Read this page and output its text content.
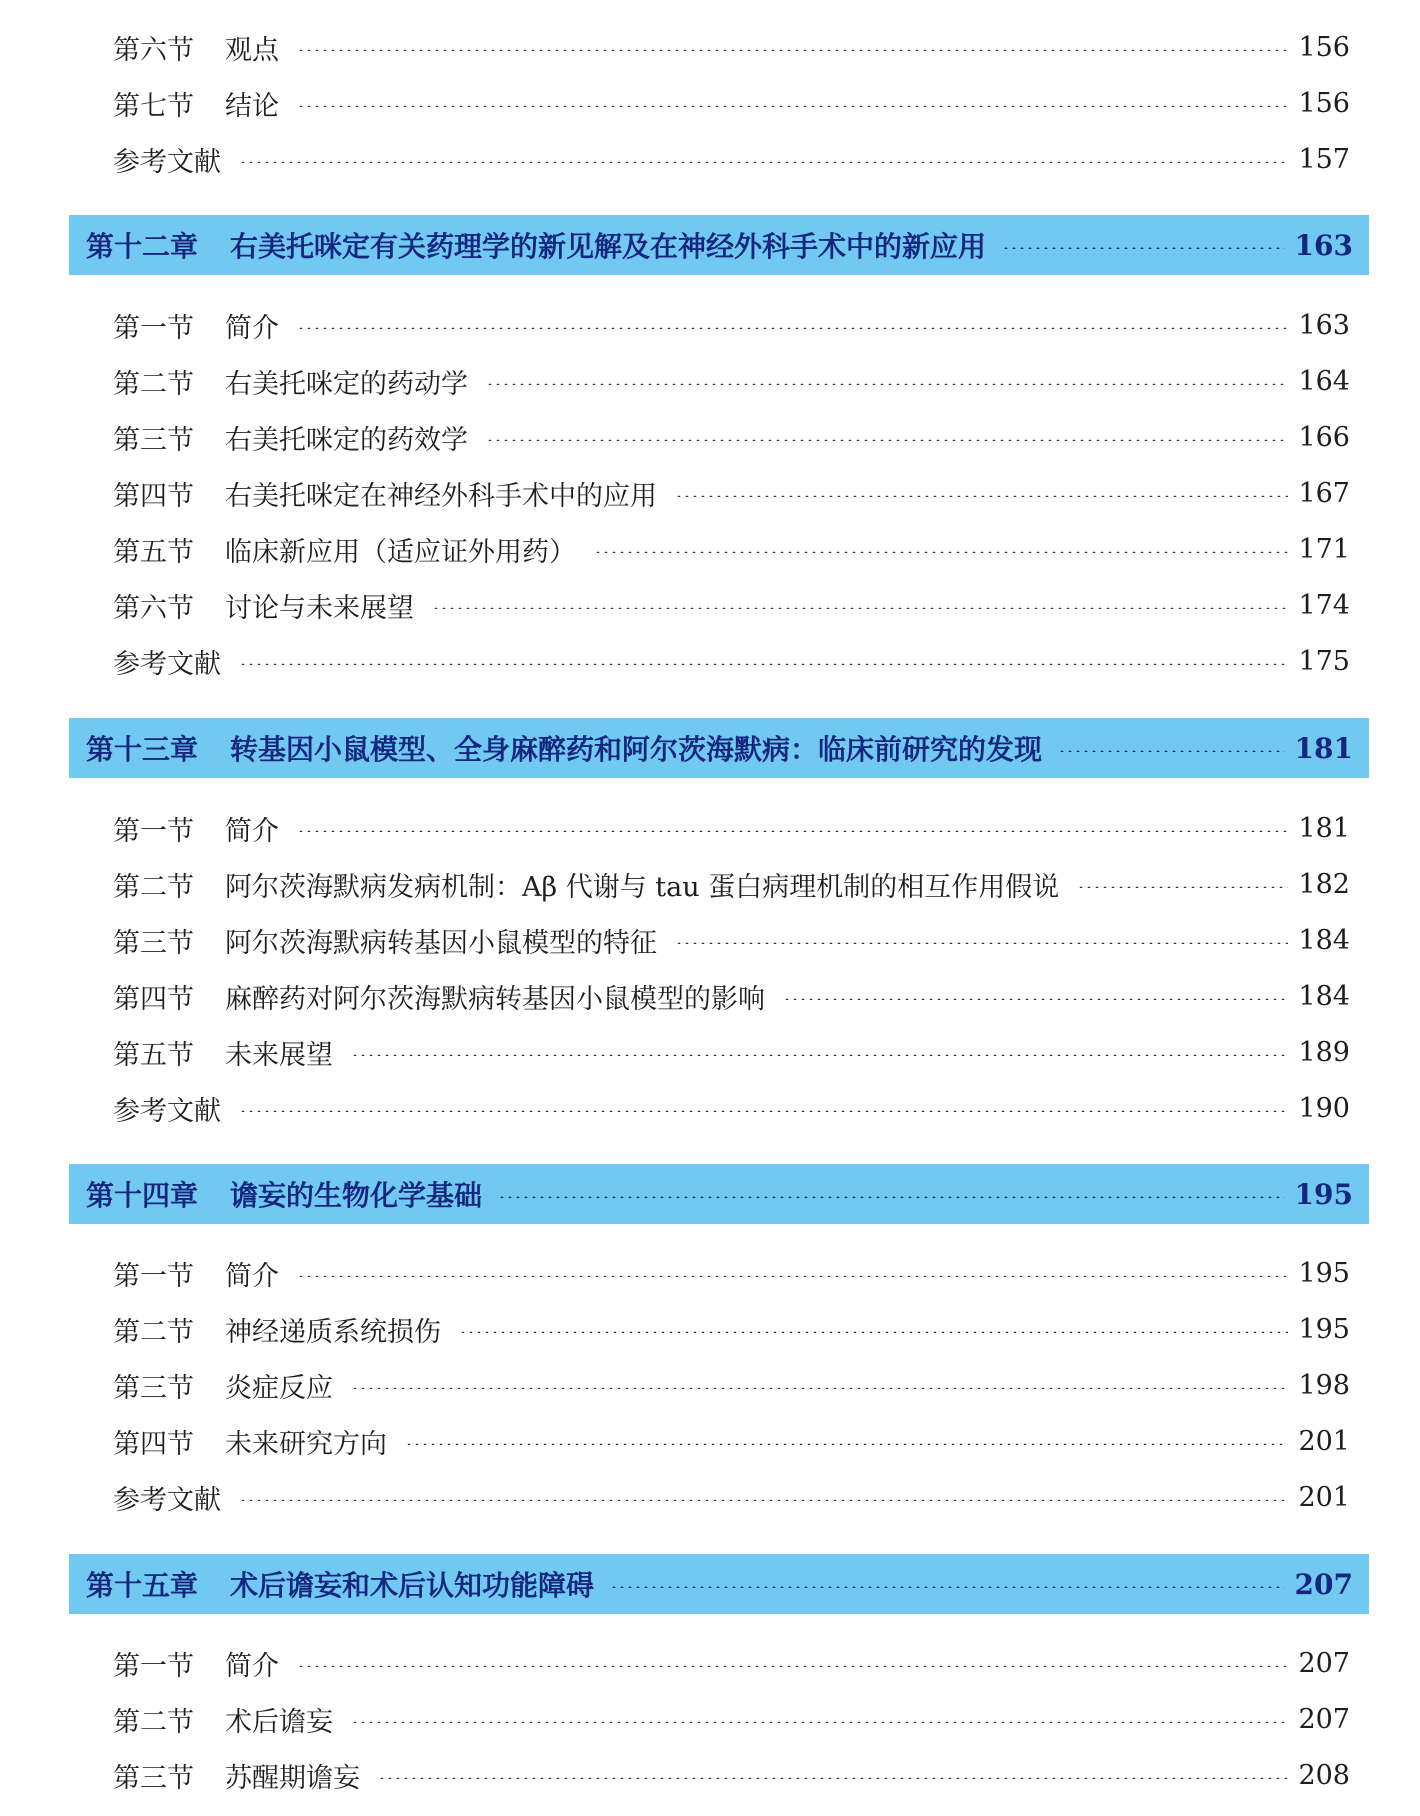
第六节	观点	156
第七节	结论	156
参考文献	157
第十二章	右美托咪定有关药理学的新见解及在神经外科手术中的新应用	163
第一节	简介	163
第二节	右美托咪定的药动学	164
第三节	右美托咪定的药效学	166
第四节	右美托咪定在神经外科手术中的应用	167
第五节	临床新应用（适应证外用药）	171
第六节	讨论与未来展望	174
参考文献	175
第十三章	转基因小鼠模型、全身麻醉药和阿尔茨海默病：临床前研究的发现	181
第一节	简介	181
第二节	阿尔茨海默病发病机制：Aβ 代谢与 tau 蛋白病理机制的相互作用假说	182
第三节	阿尔茨海默病转基因小鼠模型的特征	184
第四节	麻醉药对阿尔茨海默病转基因小鼠模型的影响	184
第五节	未来展望	189
参考文献	190
第十四章	谵妄的生物化学基础	195
第一节	简介	195
第二节	神经递质系统损伤	195
第三节	炎症反应	198
第四节	未来研究方向	201
参考文献	201
第十五章	术后谵妄和术后认知功能障碍	207
第一节	简介	207
第二节	术后谵妄	207
第三节	苏醒期谵妄	208
